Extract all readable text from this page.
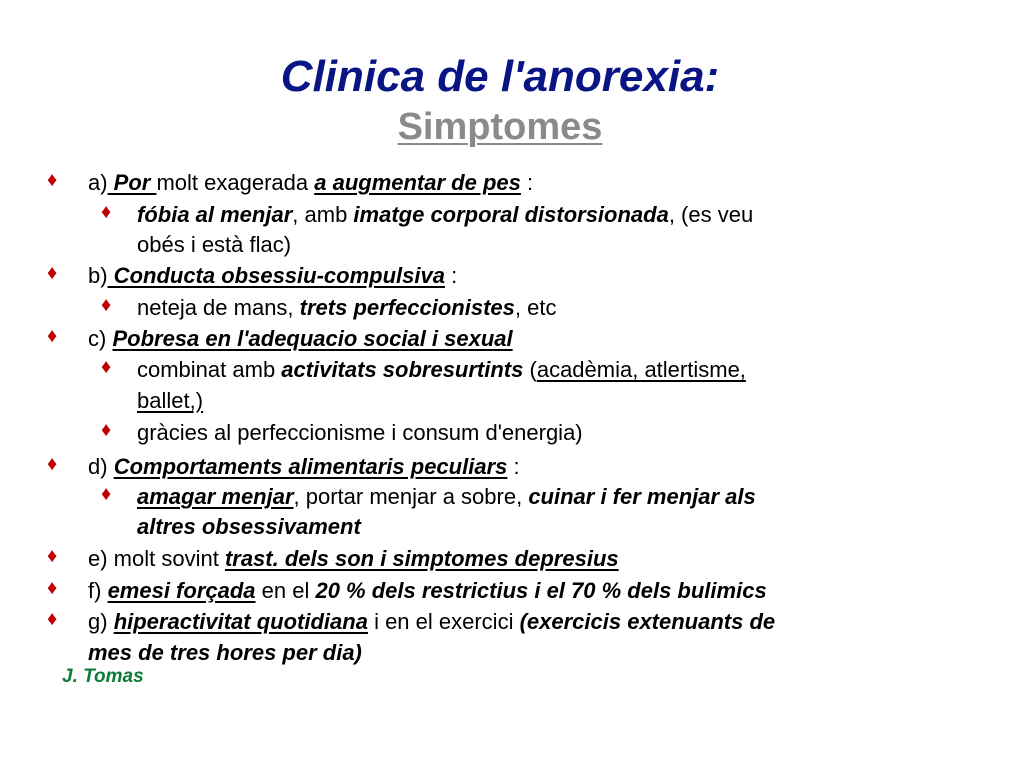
Clinica de l'anorexia:
Simptomes
♦ a) Por molt exagerada a augmentar de pes :
♦ fóbia al menjar, amb imatge corporal distorsionada, (es veu
obés i està flac)
♦ b) Conducta obsessiu-compulsiva :
♦ neteja de mans, trets perfeccionistes, etc
♦ c) Pobresa en l'adequacio social i sexual
♦ combinat amb activitats sobresurtints (acadèmia, atlertisme,
ballet,)
♦ gràcies al perfeccionisme i consum d'energia)
♦ d) Comportaments alimentaris peculiars :
♦ amagar menjar, portar menjar a sobre, cuinar i fer menjar als
altres obsessivament
♦ e) molt sovint trast. dels son i simptomes depresius
♦ f) emesi forçada en el 20 % dels restrictius i el 70 % dels bulimics
♦ g) hiperactivitat quotidiana i en el exercici (exercicis extenuants de
mes de tres hores per dia)
J. Tomas
